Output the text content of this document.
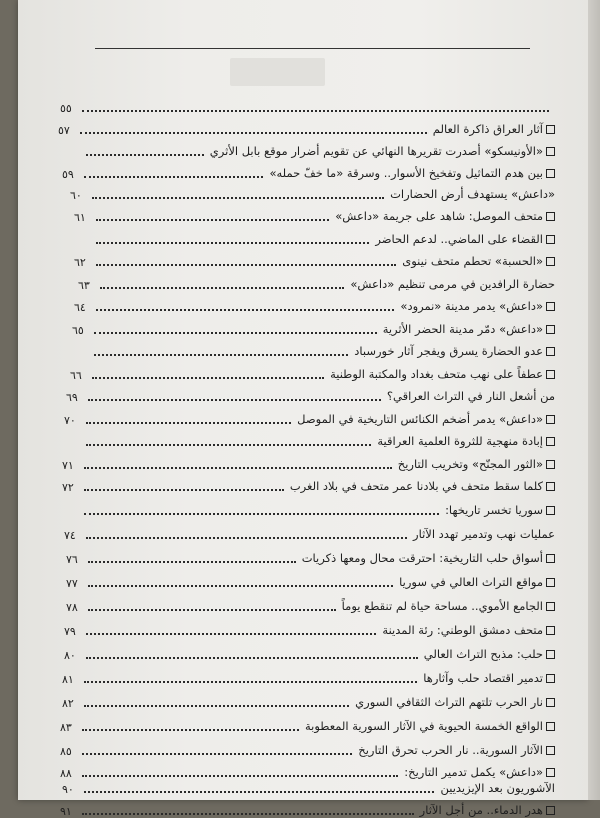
٥٥
٥٧	آثار العراق ذاكرة العالم
«الأونيسكو» أصدرت تقريرها النهائي عن تقويم أضرار موقع بابل الأثري
٥٩	بين هدم التماثيل وتفخيخ الأسوار.. وسرقة «ما خفّ حمله»
٦٠	«داعش» يستهدف أرض الحضارات
٦١	متحف الموصل: شاهد على جريمة «داعش»
القضاء على الماضي.. لدعم الحاضر
٦٢	«الحسبة» تحطم متحف نينوى
٦٣	حضارة الرافدين في مرمى تنظيم «داعش»
٦٤	«داعش» يدمر مدينة «نمرود»
٦٥	«داعش» دمّر مدينة الحضر الأثرية
عدو الحضارة يسرق ويفجر آثار خورسباد
٦٦	عطفاً على نهب متحف بغداد والمكتبة الوطنية
٦٩	من أشعل النار في التراث العراقي؟
٧٠	«داعش» يدمر أضخم الكنائس التاريخية في الموصل
إبادة منهجية للثروة العلمية العراقية
٧١	«الثور المجنّح» وتخريب التاريخ
٧٢	كلما سقط متحف في بلادنا عمر متحف في بلاد الغرب
سوريا تخسر تاريخها:
٧٤	عمليات نهب وتدمير تهدد الآثار
٧٦	أسواق حلب التاريخية: احترقت محال ومعها ذكريات
٧٧	مواقع التراث العالي في سوريا
٧٨	الجامع الأموي.. مساحة حياة لم تنقطع يوماً
٧٩	متحف دمشق الوطني: رئة المدينة
٨٠	حلب: مذبح التراث العالي
٨١	تدمير اقتصاد حلب وآثارها
٨٢	نار الحرب تلتهم التراث الثقافي السوري
٨٣	الواقع الخمسة الحيوية في الآثار السورية المعطوبة
٨٥	الآثار السورية.. نار الحرب تحرق التاريخ
٨٨	«داعش» يكمل تدمير التاريخ:
٩٠	الآشوريون بعد الإيزيديين
٩١	هدر الدماء.. من أجل الآثار
